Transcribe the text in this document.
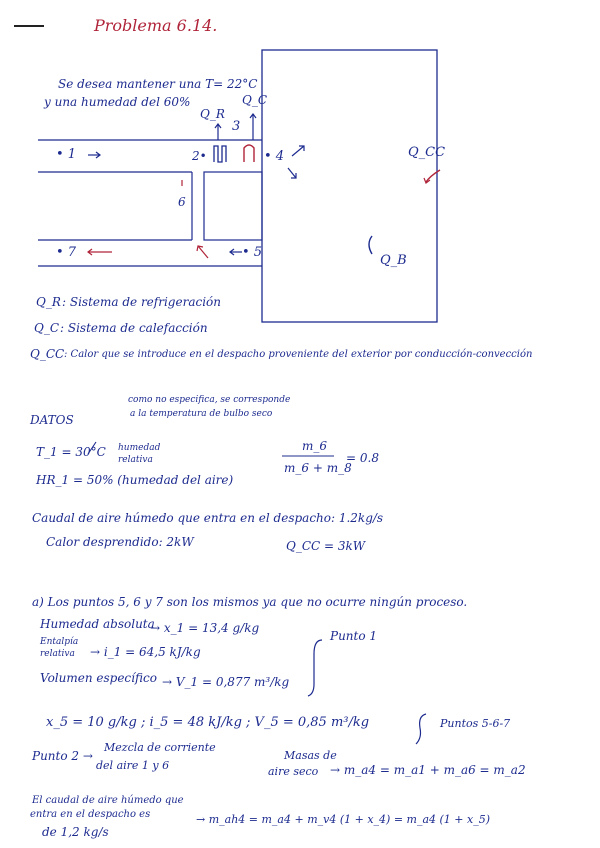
Problema 6.14.
Se desea mantener una T= 22°C
y una humedad del 60%
Q_R
Q_C
3
• 1	2•	• 4
6
• 5
• 7
Q_CC
Q_B
Q_R : Sistema de refrigeración
Q_C : Sistema de calefacción
Q_CC : Calor que se introduce en el despacho proveniente del exterior por conducción-convección
como no especifica, se corresponde
a la temperatura de bulbo seco
DATOS
T_1 = 30°C humedad
relativa
HR_1 = 50% (humedad del aire)
m_6
m_6 + m_8
= 0.8
Caudal de aire húmedo que entra en el despacho: 1.2kg/s
Calor desprendido: 2kW	Q_CC = 3kW
a) Los puntos 5, 6 y 7 son los mismos ya que no ocurre ningún proceso.
Humedad absoluta
→ x_1 = 13,4 g/kg
Punto 1
Entalpía
relativa → i_1 = 64,5 kJ/kg
Volumen específico → V_1 = 0,877 m³/kg
x_5 = 10 g/kg ; i_5 = 48 kJ/kg ; V_5 = 0,85 m³/kg	Puntos 5-6-7
Punto 2 →
Mezcla de corriente
del aire 1 y 6
Masas de
aire seco → m_a4 = m_a1 + m_a6 = m_a2
El caudal de aire húmedo que
entra en el despacho es
de 1,2 kg/s
→ m_ah4 = m_a4 + m_v4 (1 + x_4) = m_a4 (1 + x_5)
